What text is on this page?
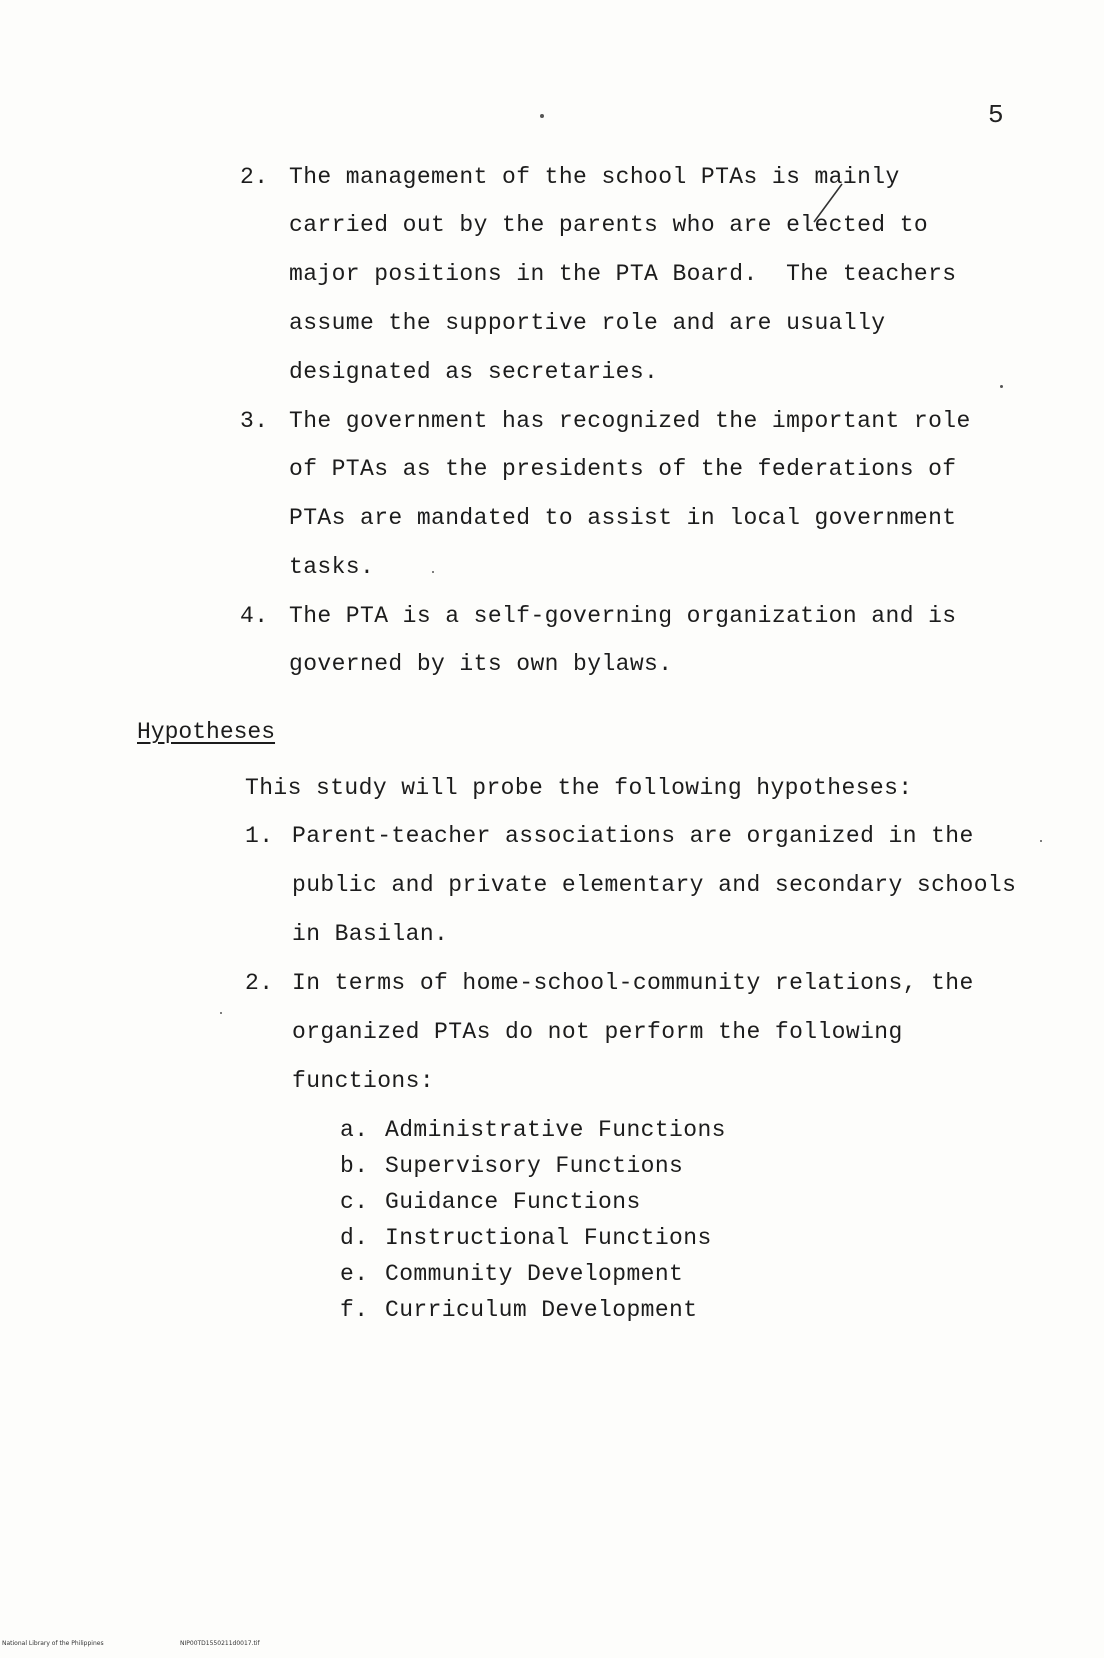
5
2. The management of the school PTAs is mainly
carried out by the parents who are elected to
major positions in the PTA Board.  The teachers
assume the supportive role and are usually
designated as secretaries.
3. The government has recognized the important role
of PTAs as the presidents of the federations of
PTAs are mandated to assist in local government
tasks.
4. The PTA is a self-governing organization and is
governed by its own bylaws.
Hypotheses
This study will probe the following hypotheses:
1. Parent-teacher associations are organized in the
public and private elementary and secondary schools
in Basilan.
2. In terms of home-school-community relations, the
organized PTAs do not perform the following
functions:
a. Administrative Functions
b. Supervisory Functions
c. Guidance Functions
d. Instructional Functions
e. Community Development
f. Curriculum Development
National Library of the Philippines	NIP00TD1550211d0017.tif
